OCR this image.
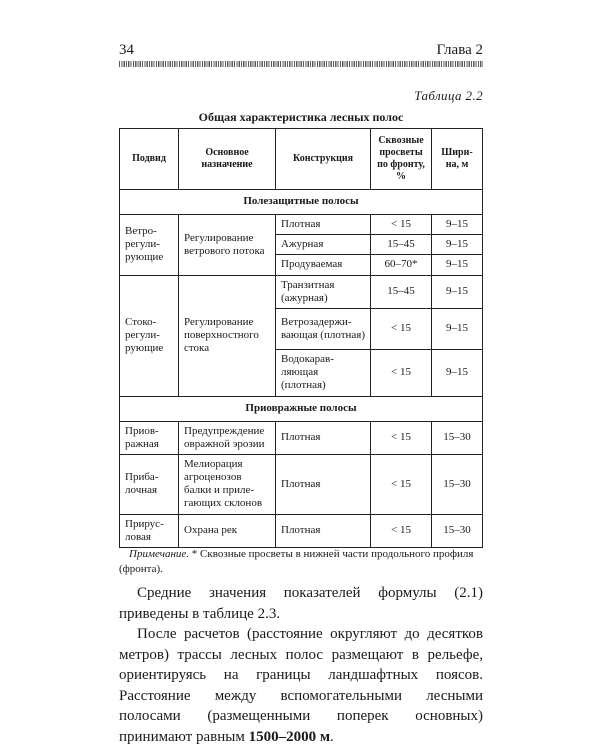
34	Глава 2
Таблица 2.2
Общая характеристика лесных полос
Подвид	Основное назначение	Конструкция	Сквозные просветы по фронту, %	Шири-на, м
Полезащитные полосы				
Ветро-регули-рующие	Регулирование ветрового потока	Плотная	< 15	9–15
		Ажурная	15–45	9–15
		Продуваемая	60–70*	9–15
Стоко-регули-рующие	Регулирование поверхностного стока	Транзитная (ажурная)	15–45	9–15
		Ветрозадержи-вающая (плотная)	< 15	9–15
		Водокарав-ляющая (плотная)	< 15	9–15
Приовражные полосы				
Приов-ражная	Предупреждение овражной эрозии	Плотная	< 15	15–30
Прибa-лочная	Мелиорация агроценозов балки и приле-гающих склонов	Плотная	< 15	15–30
Прирус-ловая	Охрана рек	Плотная	< 15	15–30
Примечание. * Сквозные просветы в нижней части продольного профиля (фронта).

Средние значения показателей формулы (2.1) приведены в таблице 2.3.

После расчетов (расстояние округляют до десятков метров) трассы лесных полос размещают в рельефе, ориентируясь на границы ландшафтных поясов. Расстояние между вспомогательными лесными полосами (размещенными поперек основных) принимают равным 1500–2000 м.
